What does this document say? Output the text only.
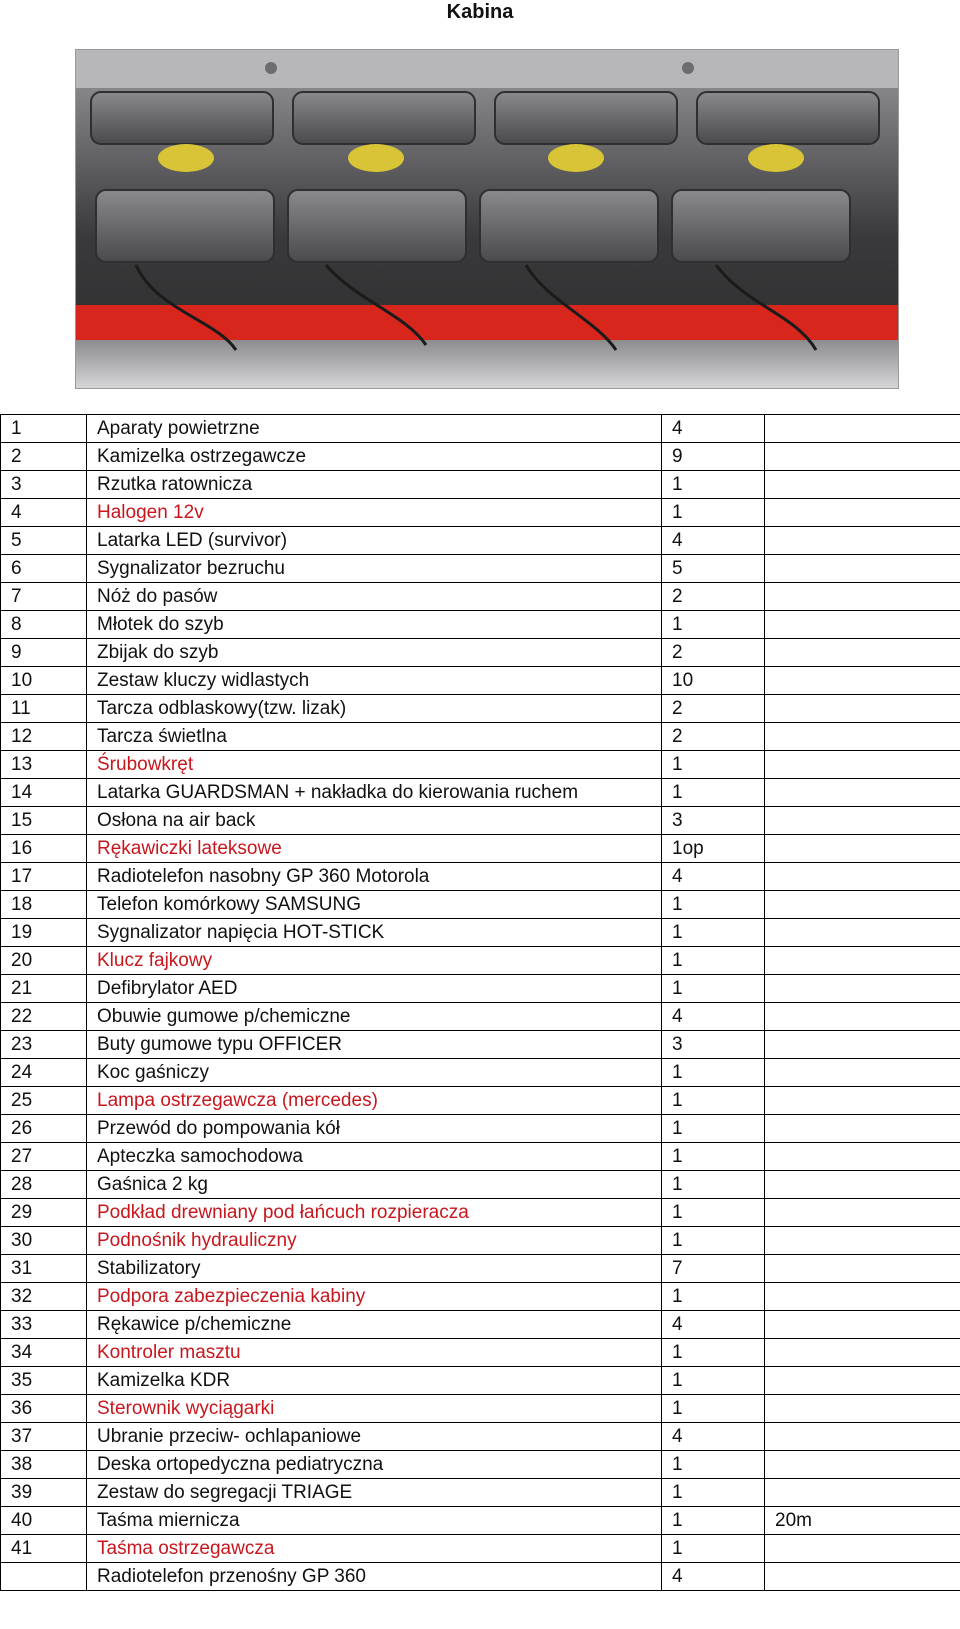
Kabina
1	Aparaty powietrzne	4	
2	Kamizelka ostrzegawcze	9	
3	Rzutka ratownicza	1	
4	Halogen 12v	1	
5	Latarka LED (survivor)	4	
6	Sygnalizator bezruchu	5	
7	Nóż do pasów	2	
8	Młotek do szyb	1	
9	Zbijak do szyb	2	
10	Zestaw kluczy widlastych	10	
11	Tarcza odblaskowy(tzw. lizak)	2	
12	Tarcza świetlna	2	
13	Śrubowkręt	1	
14	Latarka GUARDSMAN + nakładka do kierowania ruchem	1	
15	Osłona na air back	3	
16	Rękawiczki lateksowe	1op	
17	Radiotelefon nasobny GP 360 Motorola	4	
18	Telefon komórkowy SAMSUNG	1	
19	Sygnalizator napięcia HOT-STICK	1	
20	Klucz fajkowy	1	
21	Defibrylator AED	1	
22	Obuwie gumowe p/chemiczne	4	
23	Buty gumowe typu OFFICER	3	
24	Koc gaśniczy	1	
25	Lampa ostrzegawcza (mercedes)	1	
26	Przewód do pompowania kół	1	
27	Apteczka samochodowa	1	
28	Gaśnica 2 kg	1	
29	Podkład drewniany pod łańcuch rozpieracza	1	
30	Podnośnik hydrauliczny	1	
31	Stabilizatory	7	
32	Podpora zabezpieczenia kabiny	1	
33	Rękawice p/chemiczne	4	
34	Kontroler masztu	1	
35	Kamizelka KDR	1	
36	Sterownik wyciągarki	1	
37	Ubranie przeciw- ochlapaniowe	4	
38	Deska ortopedyczna pediatryczna	1	
39	Zestaw do segregacji TRIAGE	1	
40	Taśma miernicza	1	20m
41	Taśma ostrzegawcza	1	
	Radiotelefon przenośny GP 360	4	
